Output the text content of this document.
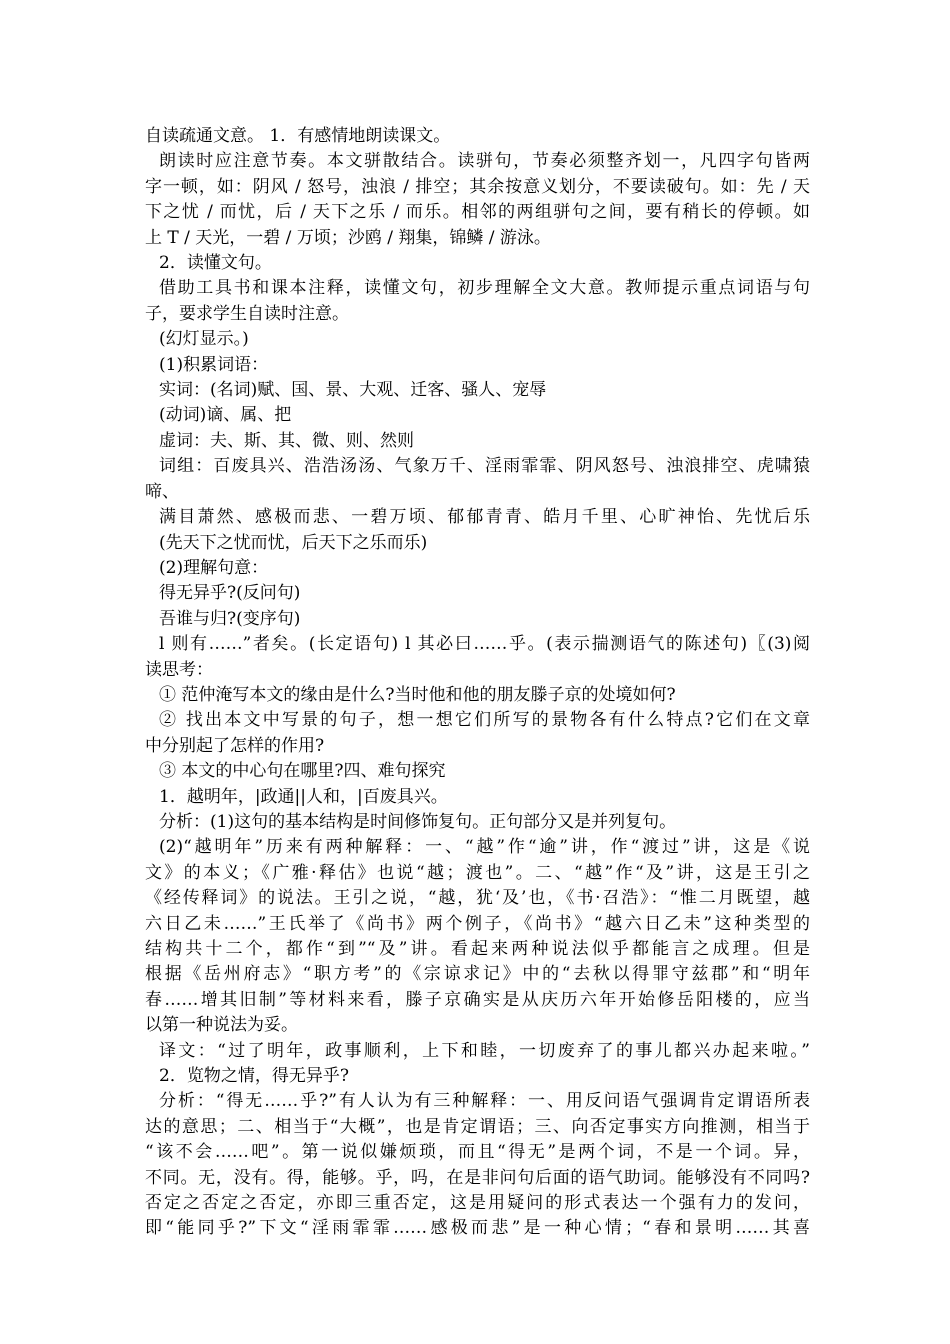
自读疏通文意。 1．有感情地朗读课文。
朗读时应注意节奏。本文骈散结合。读骈句，节奏必须整齐划一，凡四字句皆两
字一顿，如：阴风 / 怒号，浊浪 / 排空；其余按意义划分，不要读破句。如：先 / 天
下之忧 / 而忧，后 / 天下之乐 / 而乐。相邻的两组骈句之间，要有稍长的停顿。如
上 T / 天光，一碧 / 万顷；沙鸥 / 翔集，锦鳞 / 游泳。
2．读懂文句。
借助工具书和课本注释，读懂文句，初步理解全文大意。教师提示重点词语与句
子，要求学生自读时注意。
(幻灯显示。)
(1)积累词语：
实词：(名词)赋、国、景、大观、迁客、骚人、宠辱
(动词)谪、属、把
虚词：夫、斯、其、微、则、然则
词组：百废具兴、浩浩汤汤、气象万千、淫雨霏霏、阴风怒号、浊浪排空、虎啸猿
啼、
满目萧然、感极而悲、一碧万顷、郁郁青青、皓月千里、心旷神怡、先忧后乐
(先天下之忧而忧，后天下之乐而乐)
(2)理解句意：
得无异乎?(反问句)
吾谁与归?(变序句)
l 则有……”者矣。(长定语句) l 其必曰……乎。(表示揣测语气的陈述句)〖(3)阅
读思考：
① 范仲淹写本文的缘由是什么?当时他和他的朋友滕子京的处境如何?
② 找出本文中写景的句子，想一想它们所写的景物各有什么特点?它们在文章
中分别起了怎样的作用?
③ 本文的中心句在哪里?四、难句探究
1．越明年，|政通||人和，|百废具兴。
分析：(1)这句的基本结构是时间修饰复句。正句部分又是并列复句。
(2)“越明年”历来有两种解释：一、“越”作“逾”讲，作“渡过”讲，这是《说
文》的本义；《广雅·释估》也说“越；渡也”。二、“越”作“及”讲，这是王引之
《经传释词》的说法。王引之说，“越，犹‘及’也，《书·召浩》：“惟二月既望，越
六日乙未……”王氏举了《尚书》两个例子，《尚书》“越六日乙未”这种类型的
结构共十二个，都作“到”“及”讲。看起来两种说法似乎都能言之成理。但是
根据《岳州府志》“职方考”的《宗谅求记》中的“去秋以得罪守兹郡”和“明年
春……增其旧制”等材料来看，滕子京确实是从庆历六年开始修岳阳楼的，应当
以第一种说法为妥。
译文：“过了明年，政事顺利，上下和睦，一切废弃了的事儿都兴办起来啦。”
2．览物之情，得无异乎?
分析：“得无……乎?”有人认为有三种解释：一、用反问语气强调肯定谓语所表
达的意思；二、相当于“大概”，也是肯定谓语；三、向否定事实方向推测，相当于
“该不会……吧”。第一说似嫌烦琐，而且“得无”是两个词，不是一个词。异，
不同。无，没有。得，能够。乎，吗，在是非问句后面的语气助词。能够没有不同吗?
否定之否定之否定，亦即三重否定，这是用疑问的形式表达一个强有力的发问，
即“能同乎?”下文“淫雨霏霏……感极而悲”是一种心情；“春和景明……其喜
